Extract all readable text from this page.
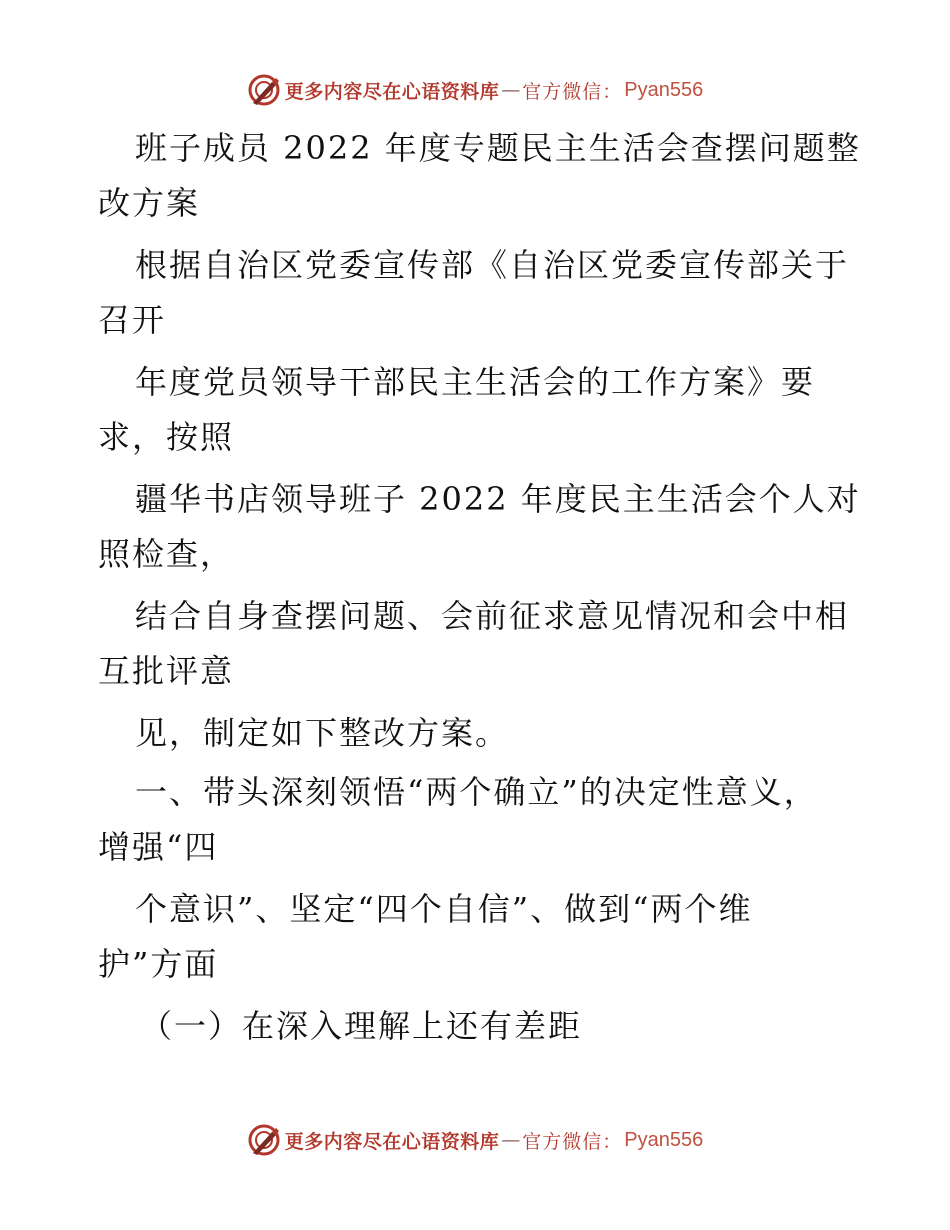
更多内容尽在心语资料库 — 官方微信： Pyan556
班子成员 2022 年度专题民主生活会查摆问题整
改方案
根据自治区党委宣传部《自治区党委宣传部关于
召开
年度党员领导干部民主生活会的工作方案》要
求，按照
疆华书店领导班子 2022 年度民主生活会个人对
照检查，
结合自身查摆问题、会前征求意见情况和会中相
互批评意
见，制定如下整改方案。
一、带头深刻领悟“两个确立”的决定性意义，
增强“四
个意识”、坚定“四个自信”、做到“两个维
护”方面
（一）在深入理解上还有差距
更多内容尽在心语资料库 — 官方微信： Pyan556
